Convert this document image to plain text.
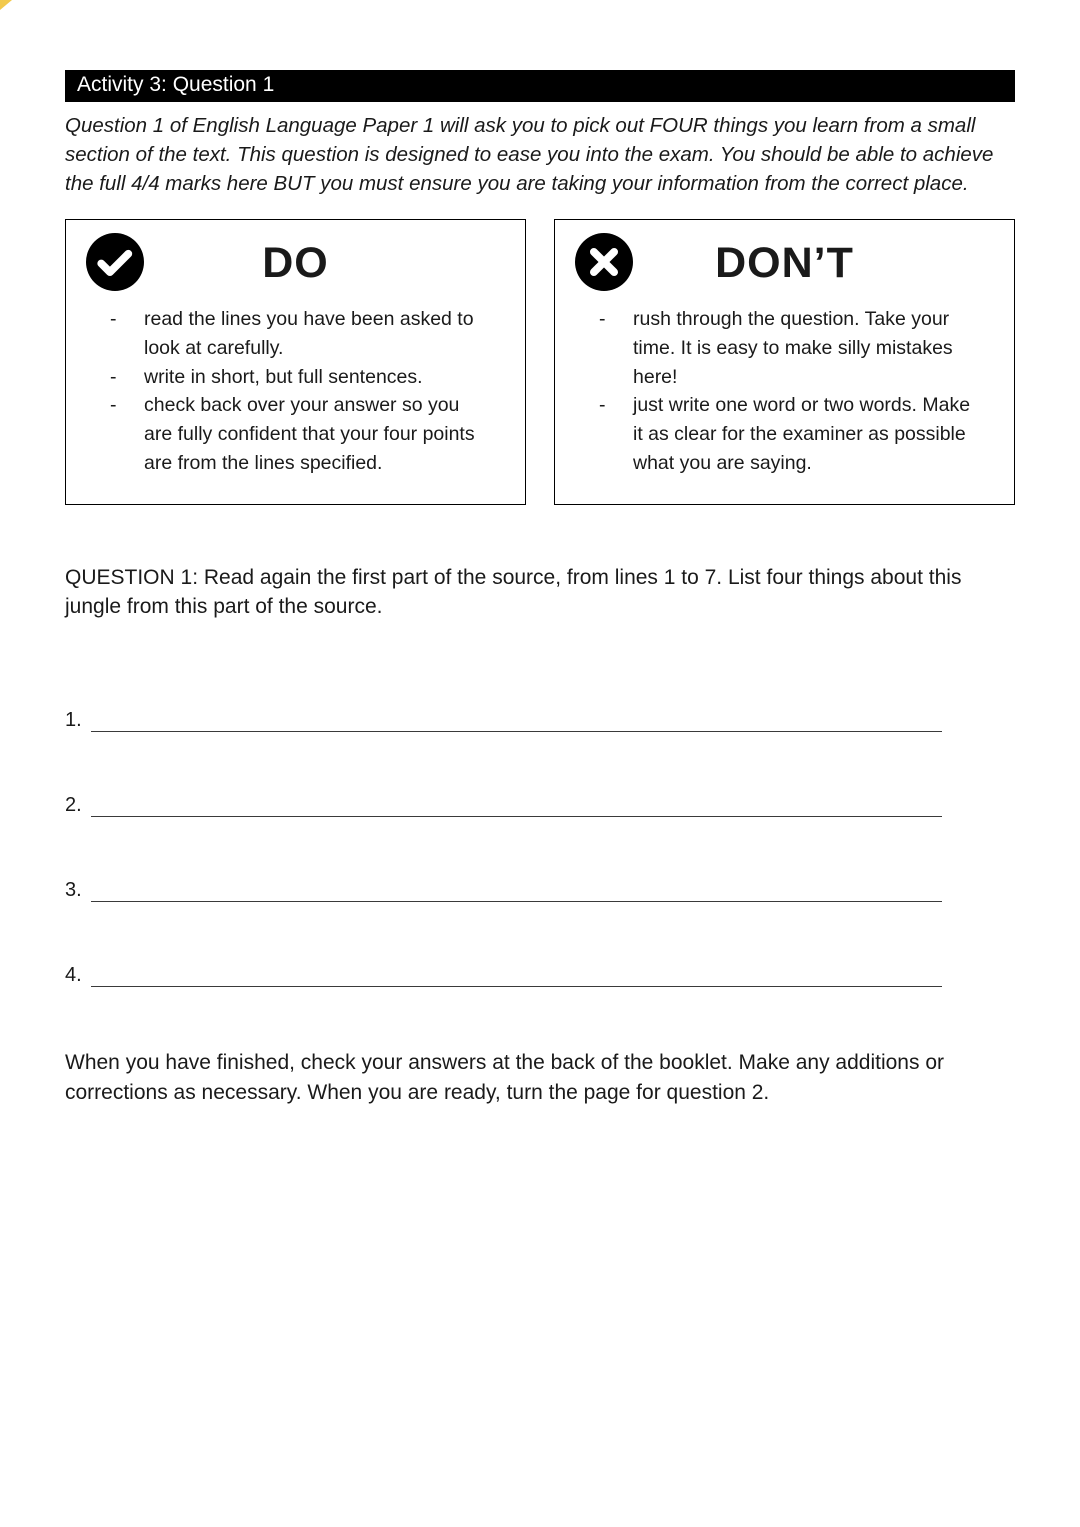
Activity 3: Question 1

Question 1 of English Language Paper 1 will ask you to pick out FOUR things you learn from a small section of the text. This question is designed to ease you into the exam. You should be able to achieve the full 4/4 marks here BUT you must ensure you are taking your information from the correct place.

DO
-	read the lines you have been asked to look at carefully.
-	write in short, but full sentences.
-	check back over your answer so you are fully confident that your four points are from the lines specified.
DON’T
-	rush through the question. Take your time. It is easy to make silly mistakes here!
-	just write one word or two words. Make it as clear for the examiner as possible what you are saying.

QUESTION 1: Read again the first part of the source, from lines 1 to 7. List four things about this jungle from this part of the source.

1.
2.
3.
4.

When you have finished, check your answers at the back of the booklet. Make any additions or corrections as necessary. When you are ready, turn the page for question 2.
